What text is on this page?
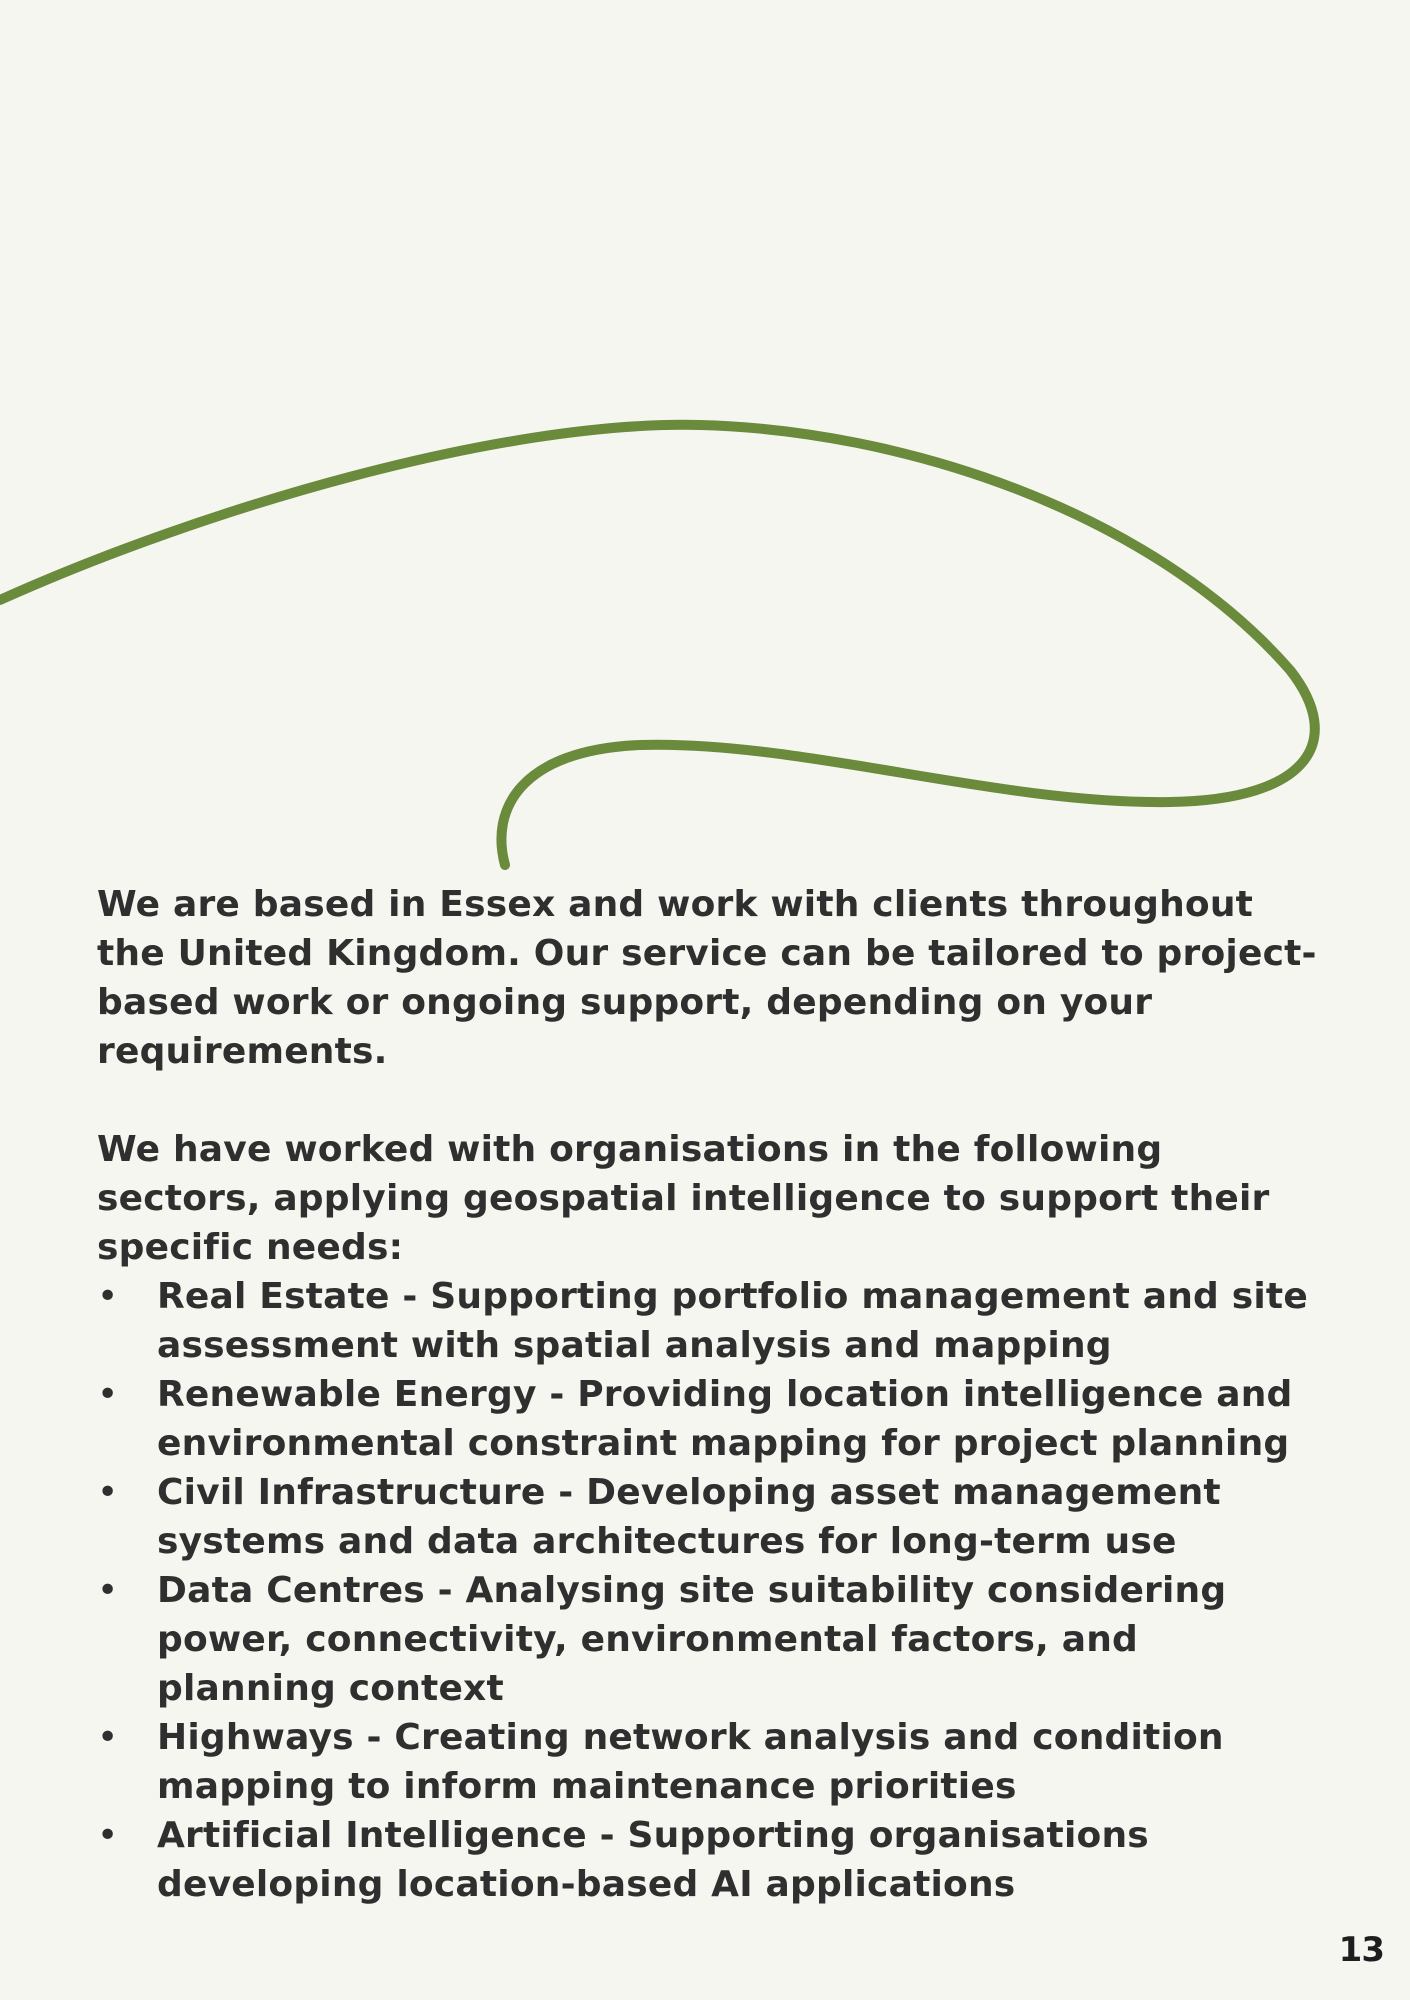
We are based in Essex and work with clients throughout the United Kingdom. Our service can be tailored to project-based work or ongoing support, depending on your requirements.

We have worked with organisations in the following sectors, applying geospatial intelligence to support their specific needs:

• Real Estate - Supporting portfolio management and site assessment with spatial analysis and mapping
• Renewable Energy - Providing location intelligence and environmental constraint mapping for project planning
• Civil Infrastructure - Developing asset management systems and data architectures for long-term use
• Data Centres - Analysing site suitability considering power, connectivity, environmental factors, and planning context
• Highways - Creating network analysis and condition mapping to inform maintenance priorities
• Artificial Intelligence - Supporting organisations developing location-based AI applications
13
